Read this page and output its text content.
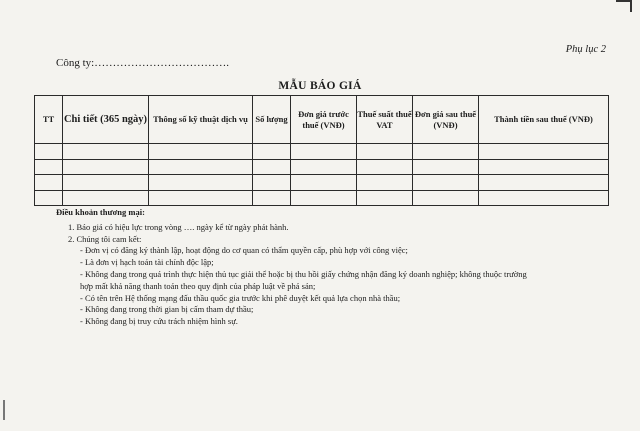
Phụ lục 2
Công ty:……………………………….
MẪU BÁO GIÁ
TT	Chi tiết (365 ngày)	Thông số kỹ thuật dịch vụ	Số lượng	Đơn giá trước thuế (VNĐ)	Thuế suất thuế VAT	Đơn giá sau thuế (VNĐ)	Thành tiền sau thuế (VNĐ)

Điều khoản thương mại:
1. Báo giá có hiệu lực trong vòng …. ngày kể từ ngày phát hành.
2. Chúng tôi cam kết:
- Đơn vị có đăng ký thành lập, hoạt động do cơ quan có thẩm quyền cấp, phù hợp với công việc;
- Là đơn vị hạch toán tài chính độc lập;
- Không đang trong quá trình thực hiện thủ tục giải thể hoặc bị thu hồi giấy chứng nhận đăng ký doanh nghiệp; không thuộc trường
hợp mất khả năng thanh toán theo quy định của pháp luật về phá sản;
- Có tên trên Hệ thống mạng đấu thầu quốc gia trước khi phê duyệt kết quả lựa chọn nhà thầu;
- Không đang trong thời gian bị cấm tham dự thầu;
- Không đang bị truy cứu trách nhiệm hình sự.
